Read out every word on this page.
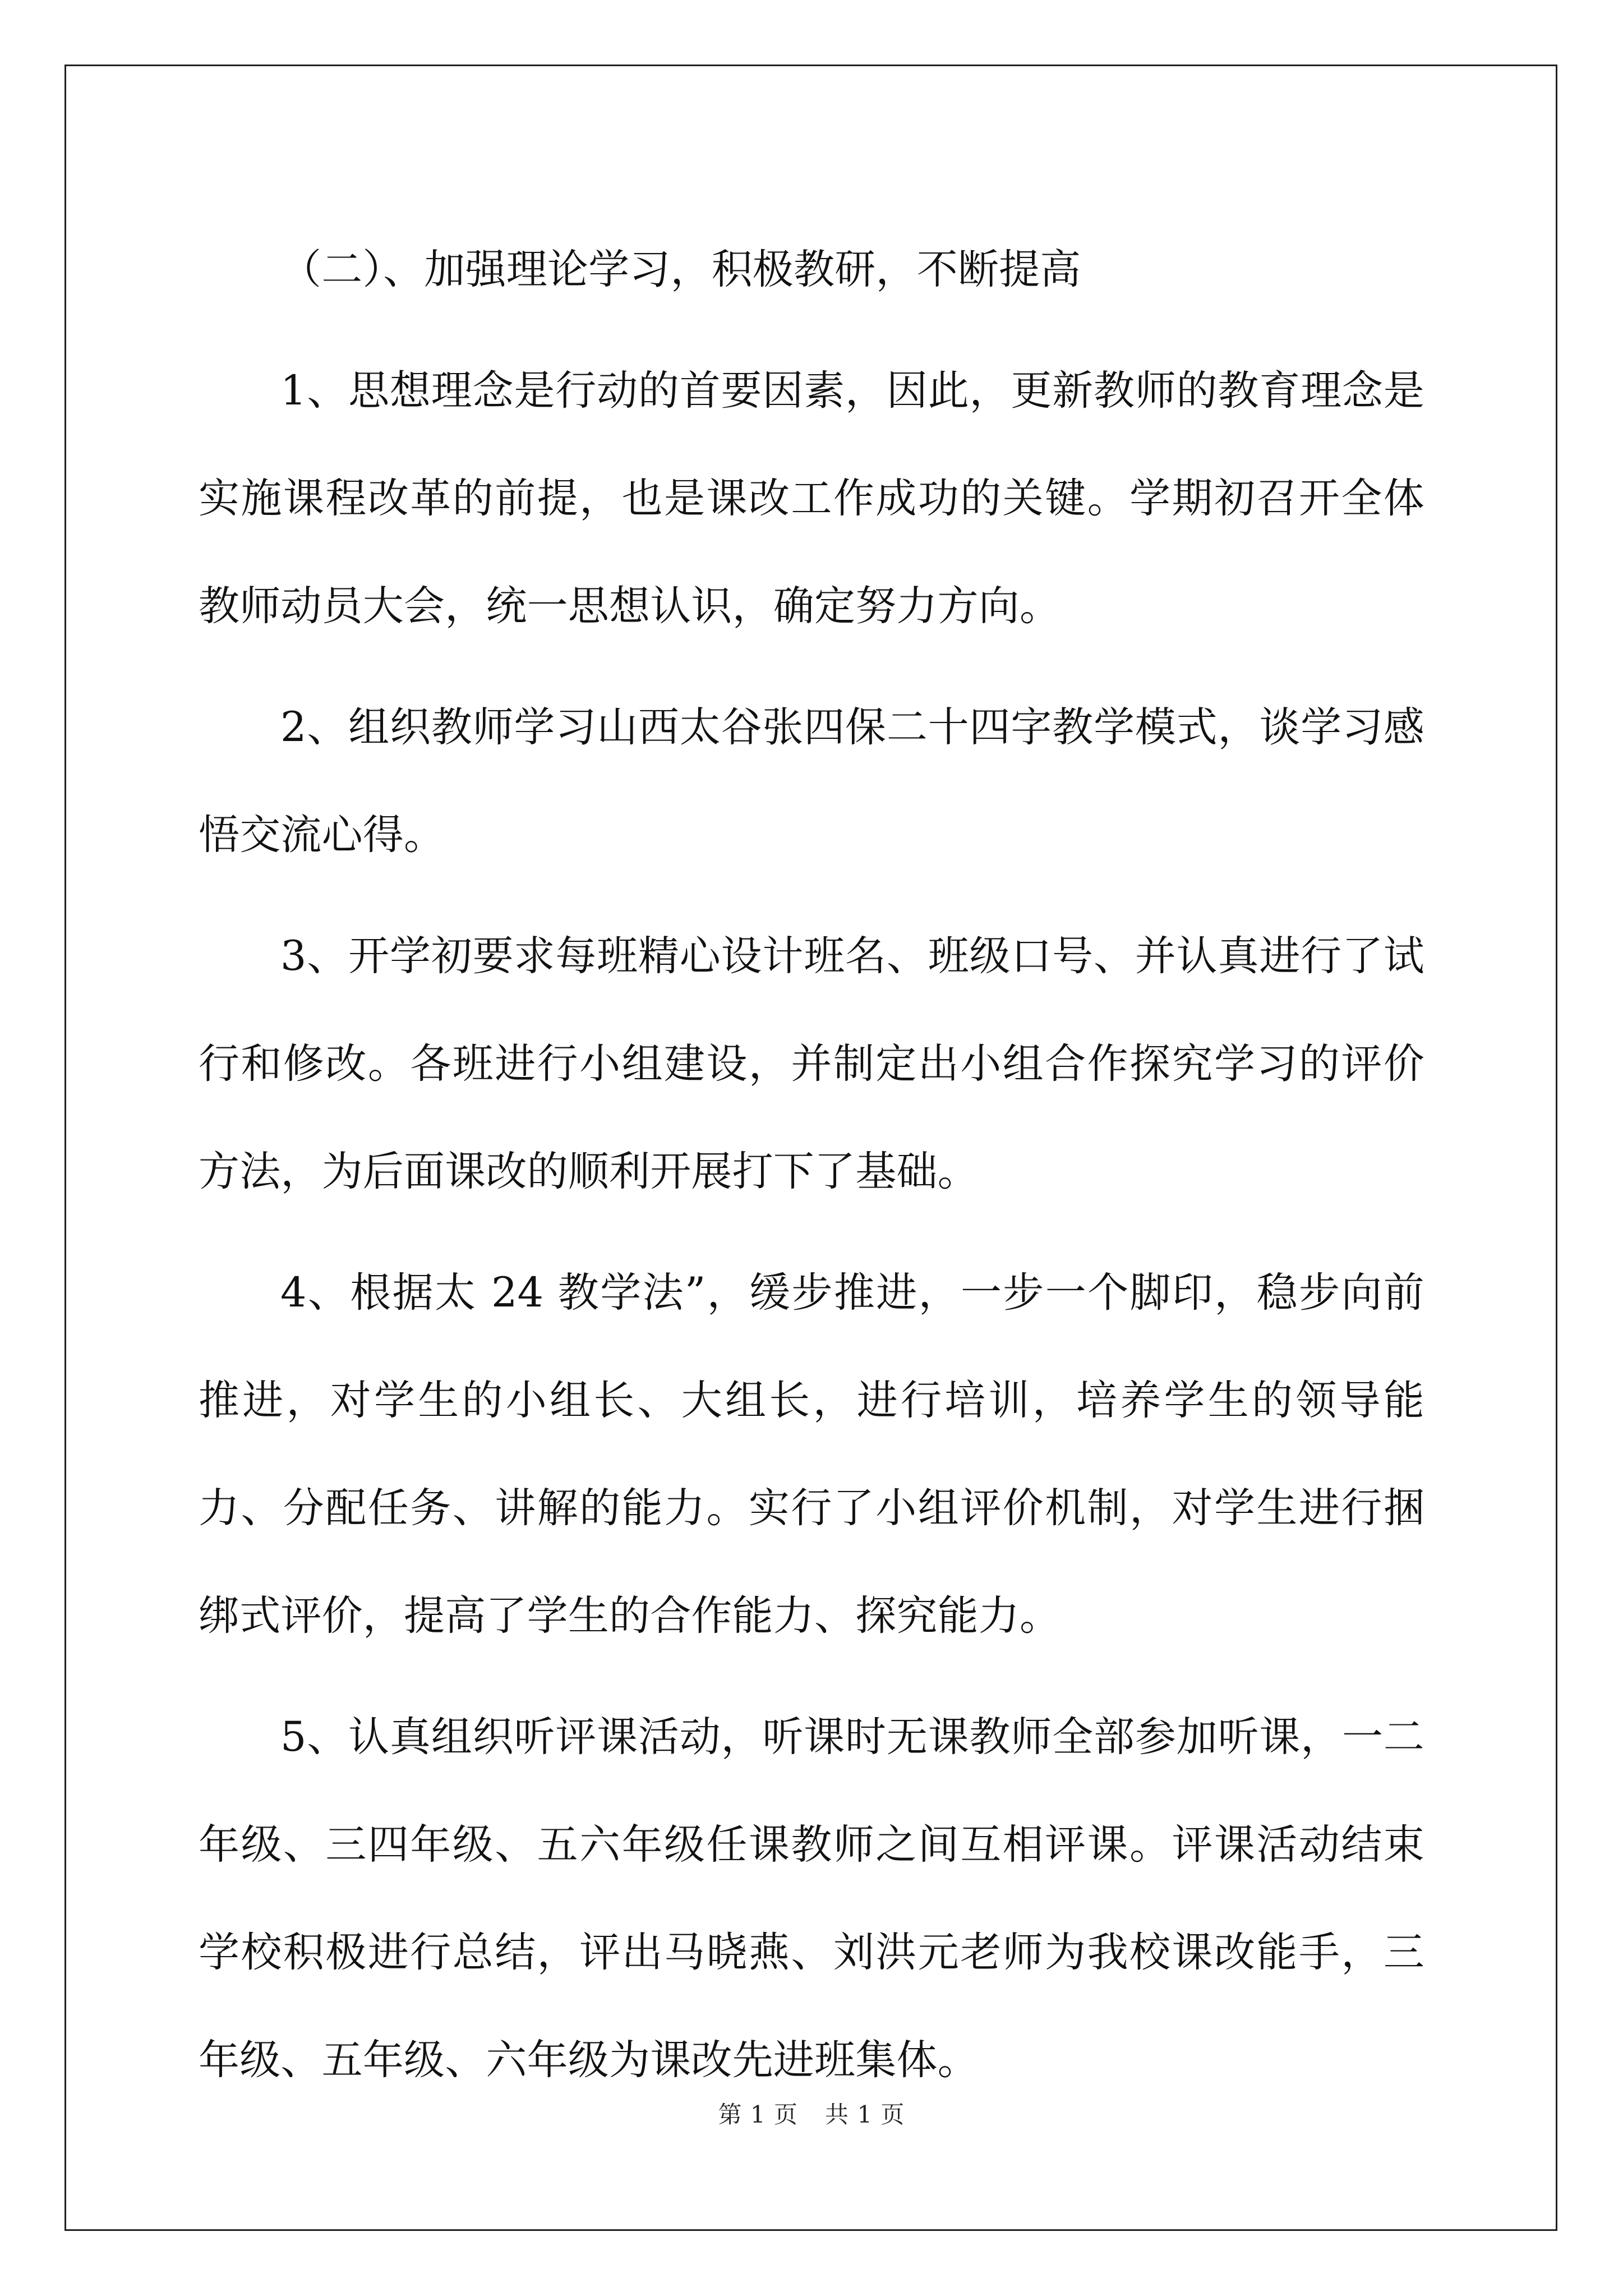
（二）、加强理论学习，积极教研，不断提高

1、思想理念是行动的首要因素，因此，更新教师的教育理念是实施课程改革的前提，也是课改工作成功的关键。学期初召开全体教师动员大会，统一思想认识，确定努力方向。

2、组织教师学习山西太谷张四保二十四字教学模式，谈学习感悟交流心得。

3、开学初要求每班精心设计班名、班级口号、并认真进行了试行和修改。各班进行小组建设，并制定出小组合作探究学习的评价方法，为后面课改的顺利开展打下了基础。

4、根据太 24 教学法”，缓步推进，一步一个脚印，稳步向前推进，对学生的小组长、大组长，进行培训，培养学生的领导能力、分配任务、讲解的能力。实行了小组评价机制，对学生进行捆绑式评价，提高了学生的合作能力、探究能力。

5、认真组织听评课活动，听课时无课教师全部参加听课，一二年级、三四年级、五六年级任课教师之间互相评课。评课活动结束学校积极进行总结，评出马晓燕、刘洪元老师为我校课改能手，三年级、五年级、六年级为课改先进班集体。

第 1 页 共 1 页
